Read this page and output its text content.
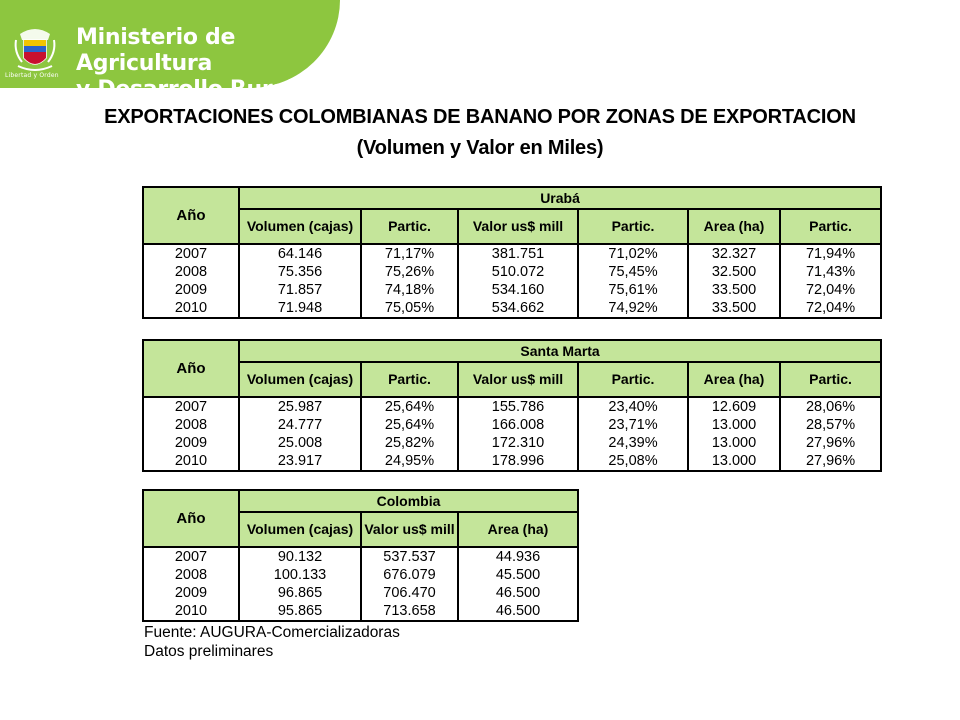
Libertad y Orden
Ministerio de Agricultura
y Desarrollo Rural
EXPORTACIONES COLOMBIANAS DE BANANO POR ZONAS DE EXPORTACION
(Volumen y Valor en Miles)
Año	Urabá					
	Volumen (cajas)	Partic.	Valor us$ mill	Partic.	Area (ha)	Partic.
2007	64.146	71,17%	381.751	71,02%	32.327	71,94%
2008	75.356	75,26%	510.072	75,45%	32.500	71,43%
2009	71.857	74,18%	534.160	75,61%	33.500	72,04%
2010	71.948	75,05%	534.662	74,92%	33.500	72,04%
Año	Santa Marta					
	Volumen (cajas)	Partic.	Valor us$ mill	Partic.	Area (ha)	Partic.
2007	25.987	25,64%	155.786	23,40%	12.609	28,06%
2008	24.777	25,64%	166.008	23,71%	13.000	28,57%
2009	25.008	25,82%	172.310	24,39%	13.000	27,96%
2010	23.917	24,95%	178.996	25,08%	13.000	27,96%
Año	Colombia		
	Volumen (cajas)	Valor us$ mill	Area (ha)
2007	90.132	537.537	44.936
2008	100.133	676.079	45.500
2009	96.865	706.470	46.500
2010	95.865	713.658	46.500
Fuente: AUGURA-Comercializadoras
Datos preliminares
